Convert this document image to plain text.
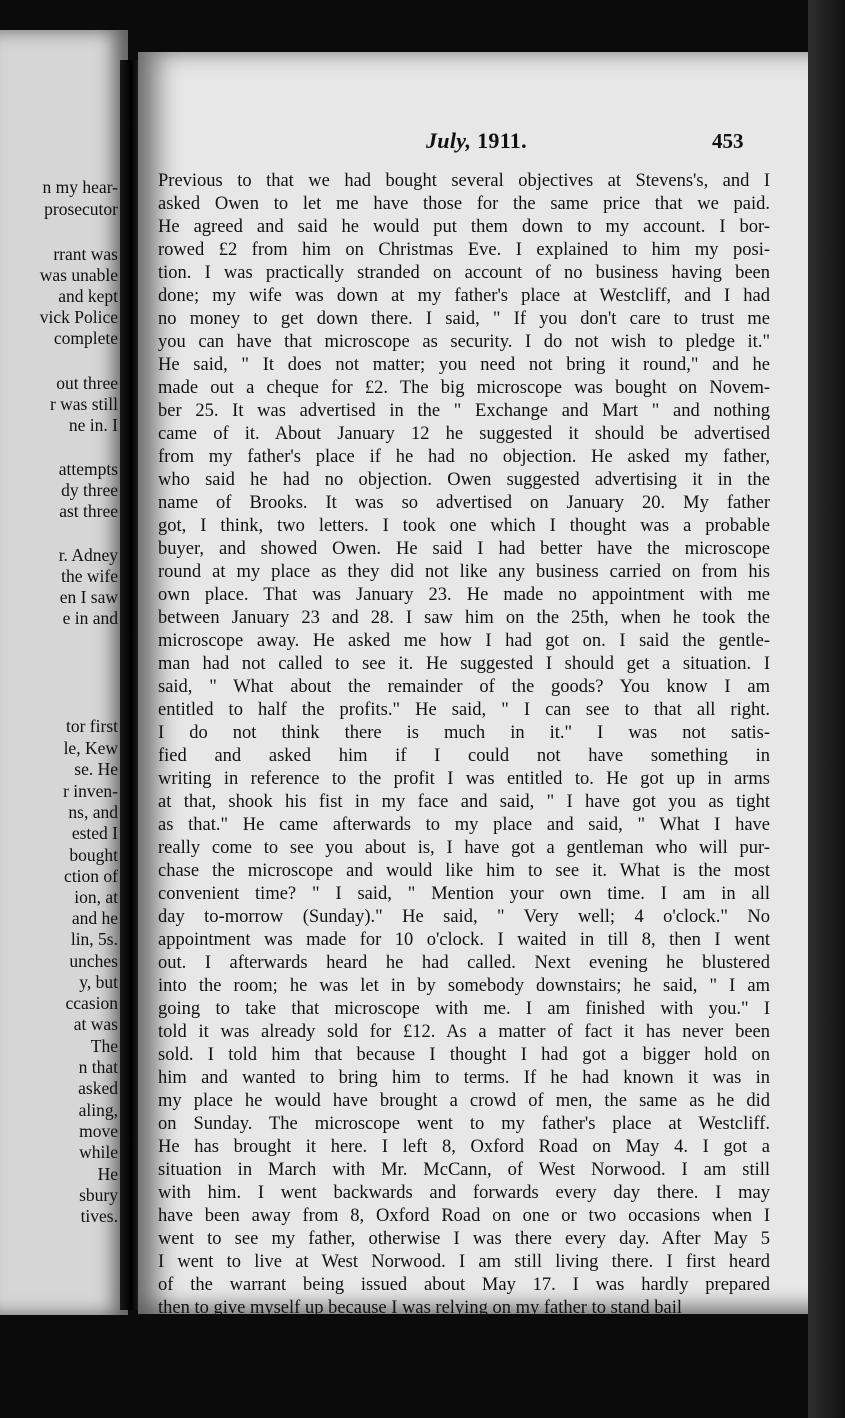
n my hear-
prosecutor
rrant was
was unable
and kept
vick Police
complete
out three
r was still
ne in. I
attempts
dy three
ast three
r. Adney
the wife
en I saw
e in and
tor first
le, Kew
se. He
r inven-
ns, and
ested I
bought
ction of
ion, at
and he
lin, 5s.
unches
y, but
ccasion
at was
The
n that
asked
aling,
move
while
He
sbury
tives.
July, 1911.	453
Previous to that we had bought several objectives at Stevens's, and I
asked Owen to let me have those for the same price that we paid.
He agreed and said he would put them down to my account. I bor-
rowed £2 from him on Christmas Eve. I explained to him my posi-
tion. I was practically stranded on account of no business having been
done; my wife was down at my father's place at Westcliff, and I had
no money to get down there. I said, " If you don't care to trust me
you can have that microscope as security. I do not wish to pledge it."
He said, " It does not matter; you need not bring it round," and he
made out a cheque for £2. The big microscope was bought on Novem-
ber 25. It was advertised in the " Exchange and Mart " and nothing
came of it. About January 12 he suggested it should be advertised
from my father's place if he had no objection. He asked my father,
who said he had no objection. Owen suggested advertising it in the
name of Brooks. It was so advertised on January 20. My father
got, I think, two letters. I took one which I thought was a probable
buyer, and showed Owen. He said I had better have the microscope
round at my place as they did not like any business carried on from his
own place. That was January 23. He made no appointment with me
between January 23 and 28. I saw him on the 25th, when he took the
microscope away. He asked me how I had got on. I said the gentle-
man had not called to see it. He suggested I should get a situation. I
said, " What about the remainder of the goods? You know I am
entitled to half the profits." He said, " I can see to that all right.
I do not think there is much in it." I was not satis-
fied and asked him if I could not have something in
writing in reference to the profit I was entitled to. He got up in arms
at that, shook his fist in my face and said, " I have got you as tight
as that." He came afterwards to my place and said, " What I have
really come to see you about is, I have got a gentleman who will pur-
chase the microscope and would like him to see it. What is the most
convenient time? " I said, " Mention your own time. I am in all
day to-morrow (Sunday)." He said, " Very well; 4 o'clock." No
appointment was made for 10 o'clock. I waited in till 8, then I went
out. I afterwards heard he had called. Next evening he blustered
into the room; he was let in by somebody downstairs; he said, " I am
going to take that microscope with me. I am finished with you." I
told it was already sold for £12. As a matter of fact it has never been
sold. I told him that because I thought I had got a bigger hold on
him and wanted to bring him to terms. If he had known it was in
my place he would have brought a crowd of men, the same as he did
on Sunday. The microscope went to my father's place at Westcliff.
He has brought it here. I left 8, Oxford Road on May 4. I got a
situation in March with Mr. McCann, of West Norwood. I am still
with him. I went backwards and forwards every day there. I may
have been away from 8, Oxford Road on one or two occasions when I
went to see my father, otherwise I was there every day. After May 5
I went to live at West Norwood. I am still living there. I first heard
of the warrant being issued about May 17. I was hardly prepared
then to give myself up because I was relying on my father to stand bail
